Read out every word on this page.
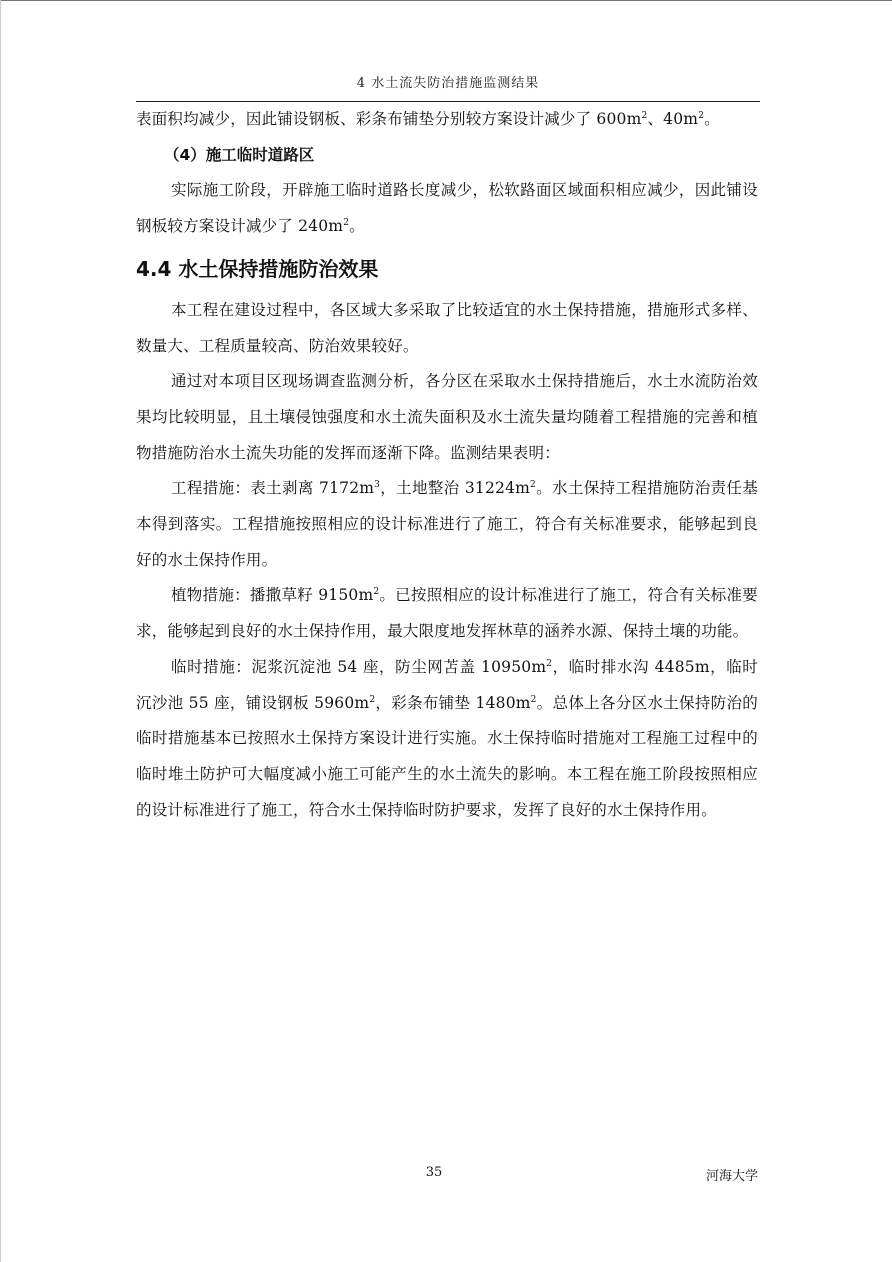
4 水土流失防治措施监测结果

表面积均减少，因此铺设钢板、彩条布铺垫分别较方案设计减少了 $600m^2$、$40m^2$。

（4）施工临时道路区

实际施工阶段，开辟施工临时道路长度减少，松软路面区域面积相应减少，因此铺设钢板较方案设计减少了 $240m^2$。

4.4 水土保持措施防治效果

本工程在建设过程中，各区域大多采取了比较适宜的水土保持措施，措施形式多样、数量大、工程质量较高、防治效果较好。

通过对本项目区现场调查监测分析，各分区在采取水土保持措施后，水土水流防治效果均比较明显，且土壤侵蚀强度和水土流失面积及水土流失量均随着工程措施的完善和植物措施防治水土流失功能的发挥而逐渐下降。监测结果表明：

工程措施：表土剥离 $7172m^3$，土地整治 $31224m^2$。水土保持工程措施防治责任基本得到落实。工程措施按照相应的设计标准进行了施工，符合有关标准要求，能够起到良好的水土保持作用。

植物措施：播撒草籽 $9150m^2$。已按照相应的设计标准进行了施工，符合有关标准要求，能够起到良好的水土保持作用，最大限度地发挥林草的涵养水源、保持土壤的功能。

临时措施：泥浆沉淀池 54 座，防尘网苫盖 $10950m^2$，临时排水沟 4485m，临时沉沙池 55 座，铺设钢板 $5960m^2$，彩条布铺垫 $1480m^2$。总体上各分区水土保持防治的临时措施基本已按照水土保持方案设计进行实施。水土保持临时措施对工程施工过程中的临时堆土防护可大幅度减小施工可能产生的水土流失的影响。本工程在施工阶段按照相应的设计标准进行了施工，符合水土保持临时防护要求，发挥了良好的水土保持作用。

35	河海大学
